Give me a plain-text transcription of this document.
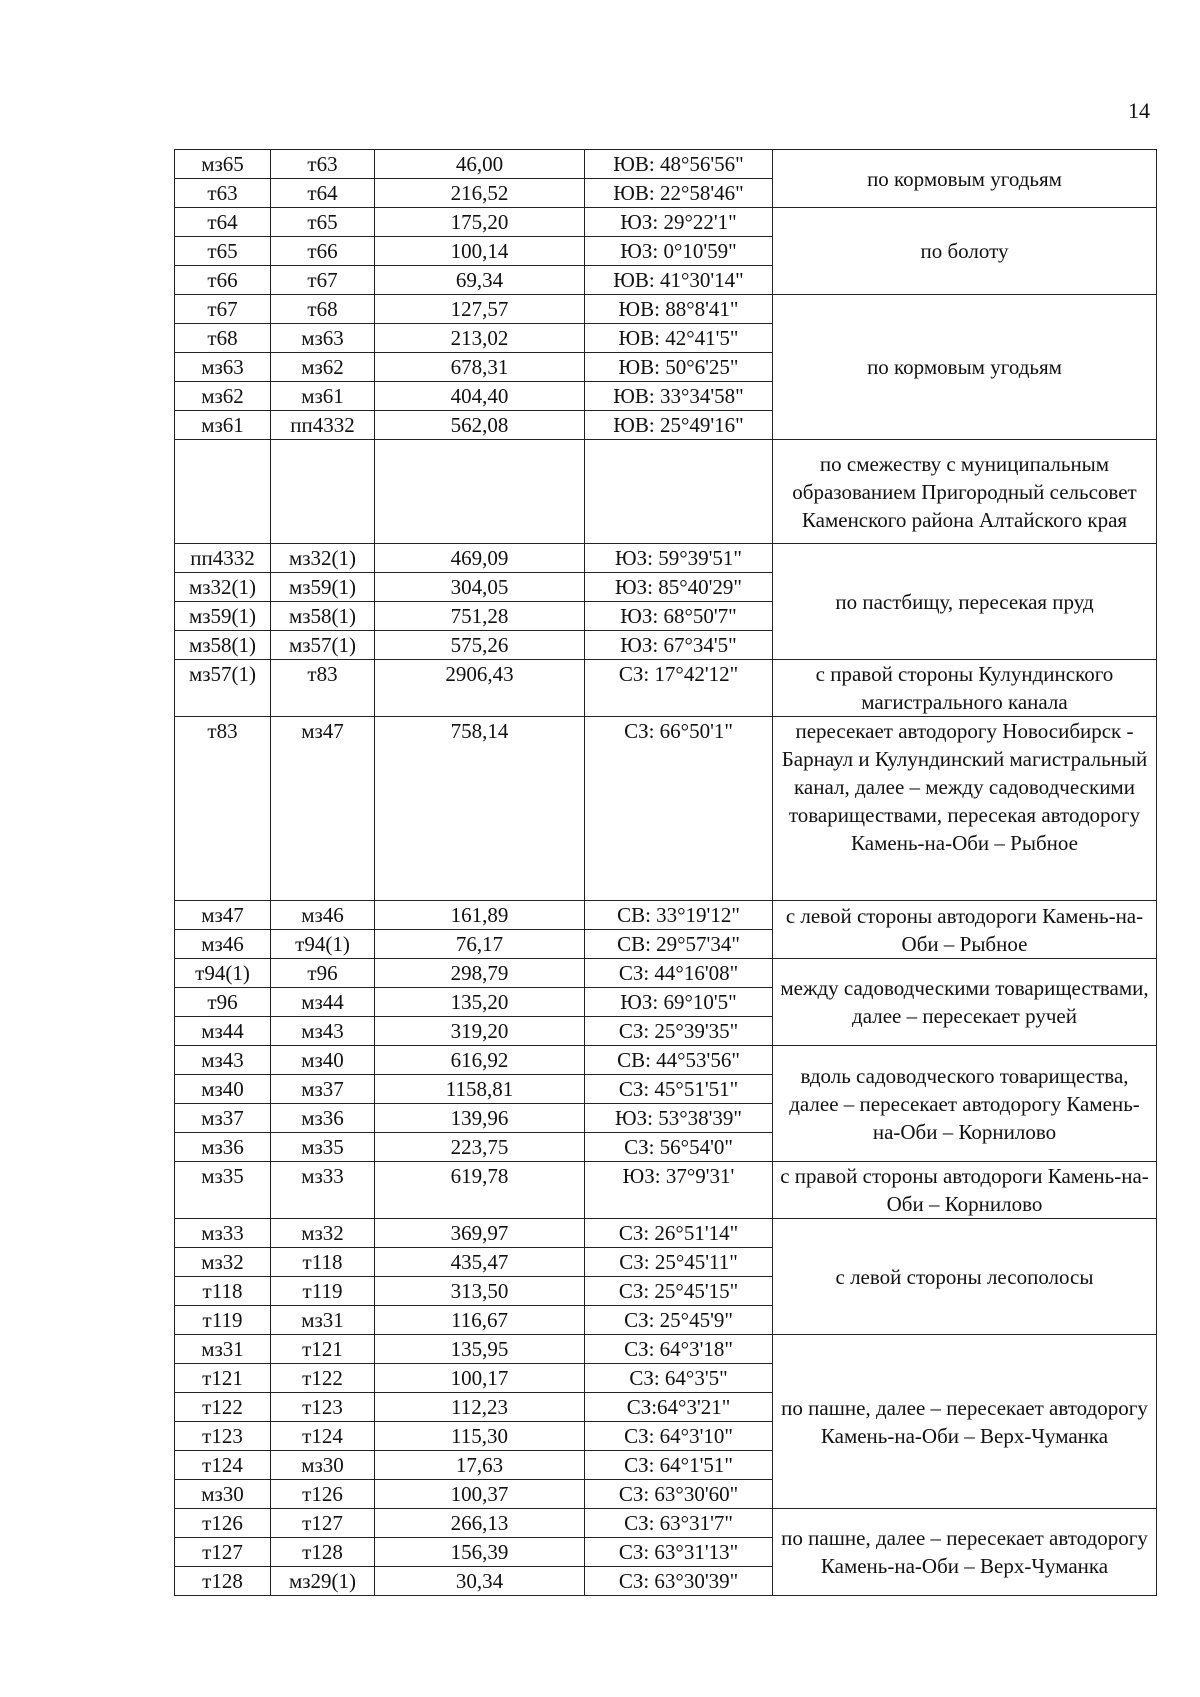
14
мз65	т63	46,00	ЮВ: 48°56'56"	по кормовым угодьям
т63	т64	216,52	ЮВ: 22°58'46"	
т64	т65	175,20	ЮЗ: 29°22'1"	по болоту
т65	т66	100,14	ЮЗ: 0°10'59"	
т66	т67	69,34	ЮВ: 41°30'14"	
т67	т68	127,57	ЮВ: 88°8'41"	по кормовым угодьям
т68	мз63	213,02	ЮВ: 42°41'5"	
мз63	мз62	678,31	ЮВ: 50°6'25"	
мз62	мз61	404,40	ЮВ: 33°34'58"	
мз61	пп4332	562,08	ЮВ: 25°49'16"	
				по смежеству с муниципальным образованием Пригородный сельсовет Каменского района Алтайского края
пп4332	мз32(1)	469,09	ЮЗ: 59°39'51"	по пастбищу, пересекая пруд
мз32(1)	мз59(1)	304,05	ЮЗ: 85°40'29"	
мз59(1)	мз58(1)	751,28	ЮЗ: 68°50'7"	
мз58(1)	мз57(1)	575,26	ЮЗ: 67°34'5"	
мз57(1)	т83	2906,43	СЗ: 17°42'12"	с правой стороны Кулундинского магистрального канала
т83	мз47	758,14	СЗ: 66°50'1"	пересекает автодорогу Новосибирск - Барнаул и Кулундинский магистральный канал, далее – между садоводческими товариществами, пересекая автодорогу Камень-на-Оби – Рыбное
мз47	мз46	161,89	СВ: 33°19'12"	с левой стороны автодороги Камень-на-Оби – Рыбное
мз46	т94(1)	76,17	СВ: 29°57'34"	
т94(1)	т96	298,79	СЗ: 44°16'08"	между садоводческими товариществами, далее – пересекает ручей
т96	мз44	135,20	ЮЗ: 69°10'5"	
мз44	мз43	319,20	СЗ: 25°39'35"	
мз43	мз40	616,92	СВ: 44°53'56"	вдоль садоводческого товарищества, далее – пересекает автодорогу Камень-на-Оби – Корнилово
мз40	мз37	1158,81	СЗ: 45°51'51"	
мз37	мз36	139,96	ЮЗ: 53°38'39"	
мз36	мз35	223,75	СЗ: 56°54'0"	
мз35	мз33	619,78	ЮЗ: 37°9'31'	с правой стороны автодороги Камень-на-Оби – Корнилово
мз33	мз32	369,97	СЗ: 26°51'14"	с левой стороны лесополосы
мз32	т118	435,47	СЗ: 25°45'11"	
т118	т119	313,50	СЗ: 25°45'15"	
т119	мз31	116,67	СЗ: 25°45'9"	
мз31	т121	135,95	СЗ: 64°3'18"	по пашне, далее – пересекает автодорогу Камень-на-Оби – Верх-Чуманка
т121	т122	100,17	СЗ: 64°3'5"	
т122	т123	112,23	СЗ:64°3'21"	
т123	т124	115,30	СЗ: 64°3'10"	
т124	мз30	17,63	СЗ: 64°1'51"	
мз30	т126	100,37	СЗ: 63°30'60"	
т126	т127	266,13	СЗ: 63°31'7"	по пашне, далее – пересекает автодорогу Камень-на-Оби – Верх-Чуманка
т127	т128	156,39	СЗ: 63°31'13"	
т128	мз29(1)	30,34	СЗ: 63°30'39"	
